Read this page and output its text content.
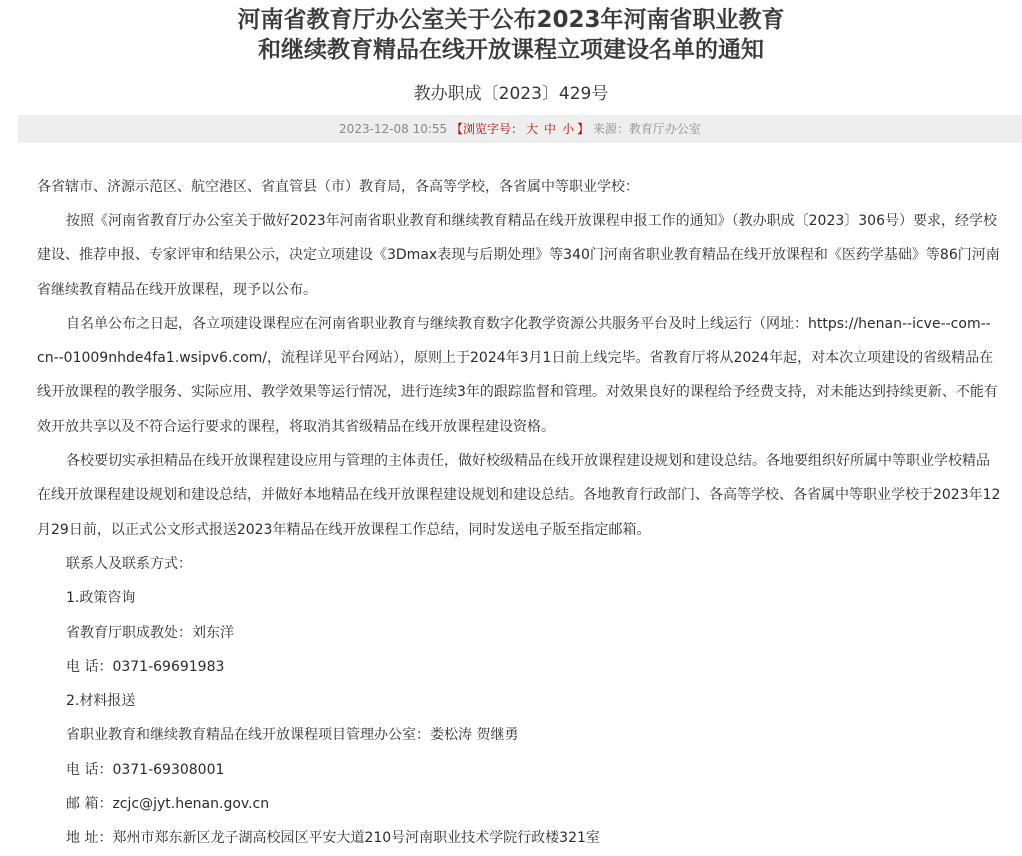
河南省教育厅办公室关于公布2023年河南省职业教育
和继续教育精品在线开放课程立项建设名单的通知
教办职成〔2023〕429号
2023-12-08 10:55 【浏览字号： 大 中 小 】 来源：教育厅办公室

各省辖市、济源示范区、航空港区、省直管县（市）教育局，各高等学校，各省属中等职业学校：

按照《河南省教育厅办公室关于做好2023年河南省职业教育和继续教育精品在线开放课程申报工作的通知》（教办职成〔2023〕306号）要求，经学校建设、推荐申报、专家评审和结果公示，决定立项建设《3Dmax表现与后期处理》等340门河南省职业教育精品在线开放课程和《医药学基础》等86门河南省继续教育精品在线开放课程，现予以公布。

自名单公布之日起，各立项建设课程应在河南省职业教育与继续教育数字化教学资源公共服务平台及时上线运行（网址：https://henan--icve--com--cn--01009nhde4fa1.wsipv6.com/，流程详见平台网站），原则上于2024年3月1日前上线完毕。省教育厅将从2024年起，对本次立项建设的省级精品在线开放课程的教学服务、实际应用、教学效果等运行情况，进行连续3年的跟踪监督和管理。对效果良好的课程给予经费支持，对未能达到持续更新、不能有效开放共享以及不符合运行要求的课程，将取消其省级精品在线开放课程建设资格。

各校要切实承担精品在线开放课程建设应用与管理的主体责任，做好校级精品在线开放课程建设规划和建设总结。各地要组织好所属中等职业学校精品在线开放课程建设规划和建设总结，并做好本地精品在线开放课程建设规划和建设总结。各地教育行政部门、各高等学校、各省属中等职业学校于2023年12月29日前，以正式公文形式报送2023年精品在线开放课程工作总结，同时发送电子版至指定邮箱。

联系人及联系方式：

1.政策咨询

省教育厅职成教处：刘东洋

电 话：0371-69691983

2.材料报送

省职业教育和继续教育精品在线开放课程项目管理办公室：娄松涛 贺继勇

电 话：0371-69308001

邮 箱：zcjc@jyt.henan.gov.cn

地 址：郑州市郑东新区龙子湖高校园区平安大道210号河南职业技术学院行政楼321室
